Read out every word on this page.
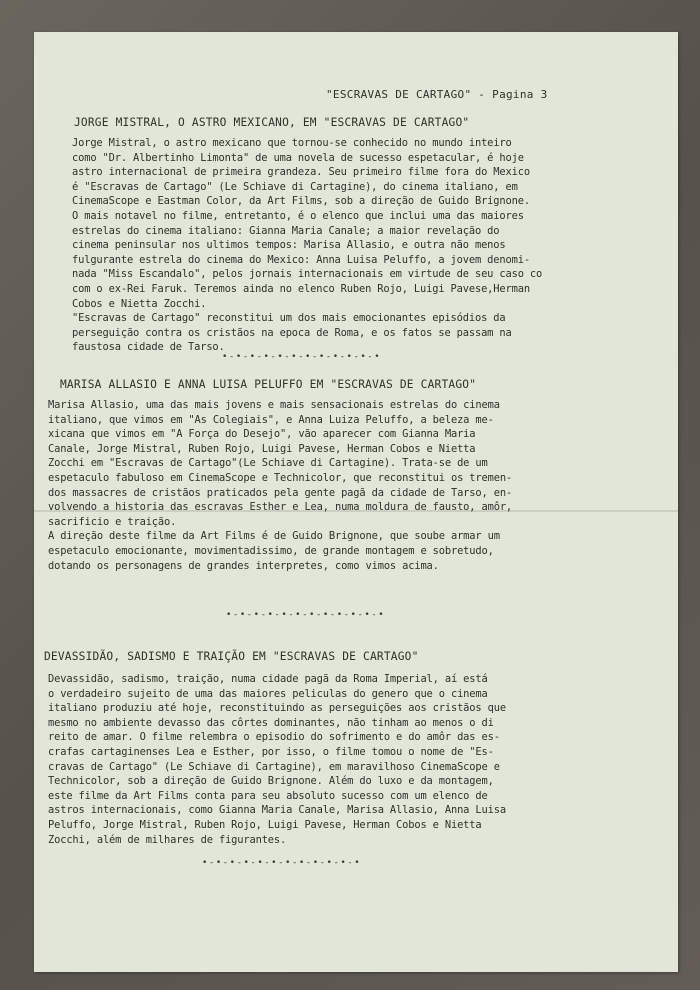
"ESCRAVAS DE CARTAGO" - Pagina 3
JORGE MISTRAL, O ASTRO MEXICANO, EM "ESCRAVAS DE CARTAGO"
Jorge Mistral, o astro mexicano que tornou-se conhecido no mundo inteiro
como "Dr. Albertinho Limonta" de uma novela de sucesso espetacular, é hoje
astro internacional de primeira grandeza. Seu primeiro filme fora do Mexico
é "Escravas de Cartago" (Le Schiave di Cartagine), do cinema italiano, em
CinemaScope e Eastman Color, da Art Films, sob a direção de Guido Brignone.
O mais notavel no filme, entretanto, é o elenco que inclui uma das maiores
estrelas do cinema italiano: Gianna Maria Canale; a maior revelação do
cinema peninsular nos ultimos tempos: Marisa Allasio, e outra não menos
fulgurante estrela do cinema do Mexico: Anna Luisa Peluffo, a jovem denomi-
nada "Miss Escandalo", pelos jornais internacionais em virtude de seu caso co
com o ex-Rei Faruk. Teremos ainda no elenco Ruben Rojo, Luigi Pavese,Herman
Cobos e Nietta Zocchi.
"Escravas de Cartago" reconstitui um dos mais emocionantes episódios da
perseguição contra os cristãos na epoca de Roma, e os fatos se passam na
faustosa cidade de Tarso.
•-•-•-•-•-•-•-•-•-•-•-•
MARISA ALLASIO E ANNA LUISA PELUFFO EM "ESCRAVAS DE CARTAGO"
Marisa Allasio, uma das mais jovens e mais sensacionais estrelas do cinema
italiano, que vimos em "As Colegiais", e Anna Luiza Peluffo, a beleza me-
xicana que vimos em "A Força do Desejo", vão aparecer com Gianna Maria
Canale, Jorge Mistral, Ruben Rojo, Luigi Pavese, Herman Cobos e Nietta
Zocchi em "Escravas de Cartago"(Le Schiave di Cartagine). Trata-se de um
espetaculo fabuloso em CinemaScope e Technicolor, que reconstitui os tremen-
dos massacres de cristãos praticados pela gente pagã da cidade de Tarso, en-
volvendo a historia das escravas Esther e Lea, numa moldura de fausto, amôr,
sacrificio e traição.
A direção deste filme da Art Films é de Guido Brignone, que soube armar um
espetaculo emocionante, movimentadissimo, de grande montagem e sobretudo,
dotando os personagens de grandes interpretes, como vimos acima.
•-•-•-•-•-•-•-•-•-•-•-•
DEVASSIDÃO, SADISMO E TRAIÇÃO EM "ESCRAVAS DE CARTAGO"
Devassidão, sadismo, traição, numa cidade pagã da Roma Imperial, aí está
o verdadeiro sujeito de uma das maiores peliculas do genero que o cinema
italiano produziu até hoje, reconstituindo as perseguições aos cristãos que
mesmo no ambiente devasso das côrtes dominantes, não tinham ao menos o di
reito de amar. O filme relembra o episodio do sofrimento e do amôr das es-
crafas cartaginenses Lea e Esther, por isso, o filme tomou o nome de "Es-
cravas de Cartago" (Le Schiave di Cartagine), em maravilhoso CinemaScope e
Technicolor, sob a direção de Guido Brignone. Além do luxo e da montagem,
este filme da Art Films conta para seu absoluto sucesso com um elenco de
astros internacionais, como Gianna Maria Canale, Marisa Allasio, Anna Luisa
Peluffo, Jorge Mistral, Ruben Rojo, Luigi Pavese, Herman Cobos e Nietta
Zocchi, além de milhares de figurantes.
•-•-•-•-•-•-•-•-•-•-•-•
